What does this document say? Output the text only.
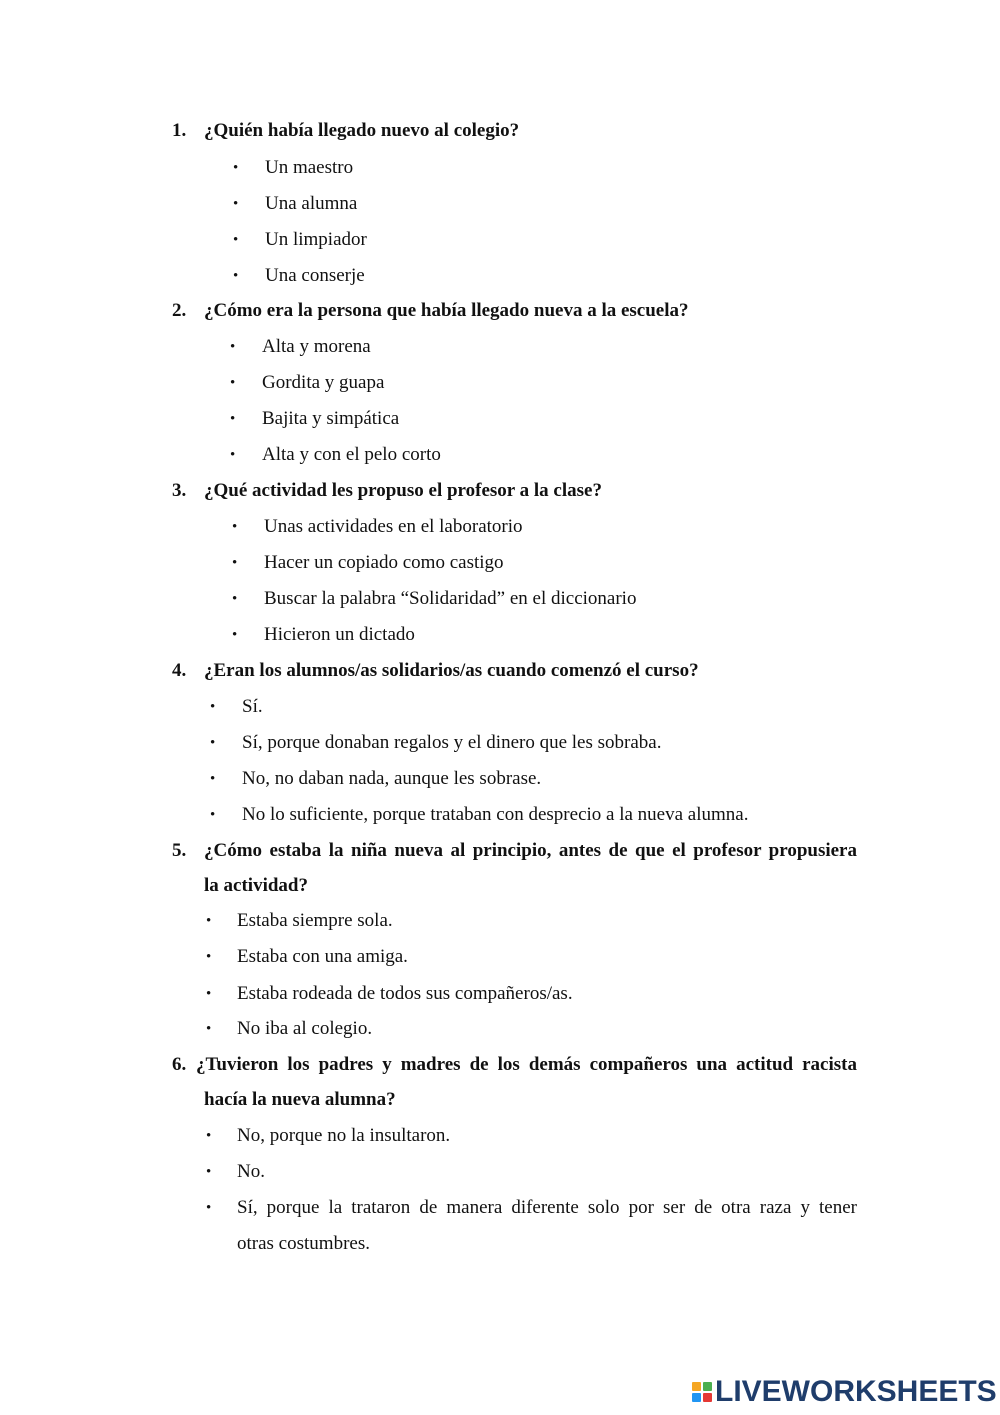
1. ¿Quién había llegado nuevo al colegio?
• Un maestro
• Una alumna
• Un limpiador
• Una conserje
2. ¿Cómo era la persona que había llegado nueva a la escuela?
• Alta y morena
• Gordita y guapa
• Bajita y simpática
• Alta y con el pelo corto
3. ¿Qué actividad les propuso el profesor a la clase?
• Unas actividades en el laboratorio
• Hacer un copiado como castigo
• Buscar la palabra “Solidaridad” en el diccionario
• Hicieron un dictado
4. ¿Eran los alumnos/as solidarios/as cuando comenzó el curso?
• Sí.
• Sí, porque donaban regalos y el dinero que les sobraba.
• No, no daban nada, aunque les sobrase.
• No lo suficiente, porque trataban con desprecio a la nueva alumna.
5. ¿Cómo estaba la niña nueva al principio, antes de que el profesor propusiera
la actividad?
• Estaba siempre sola.
• Estaba con una amiga.
• Estaba rodeada de todos sus compañeros/as.
• No iba al colegio.
6. ¿Tuvieron los padres y madres de los demás compañeros una actitud racista
hacía la nueva alumna?
• No, porque no la insultaron.
• No.
• Sí, porque la trataron de manera diferente solo por ser de otra raza y tener
otras costumbres.
LIVEWORKSHEETS
